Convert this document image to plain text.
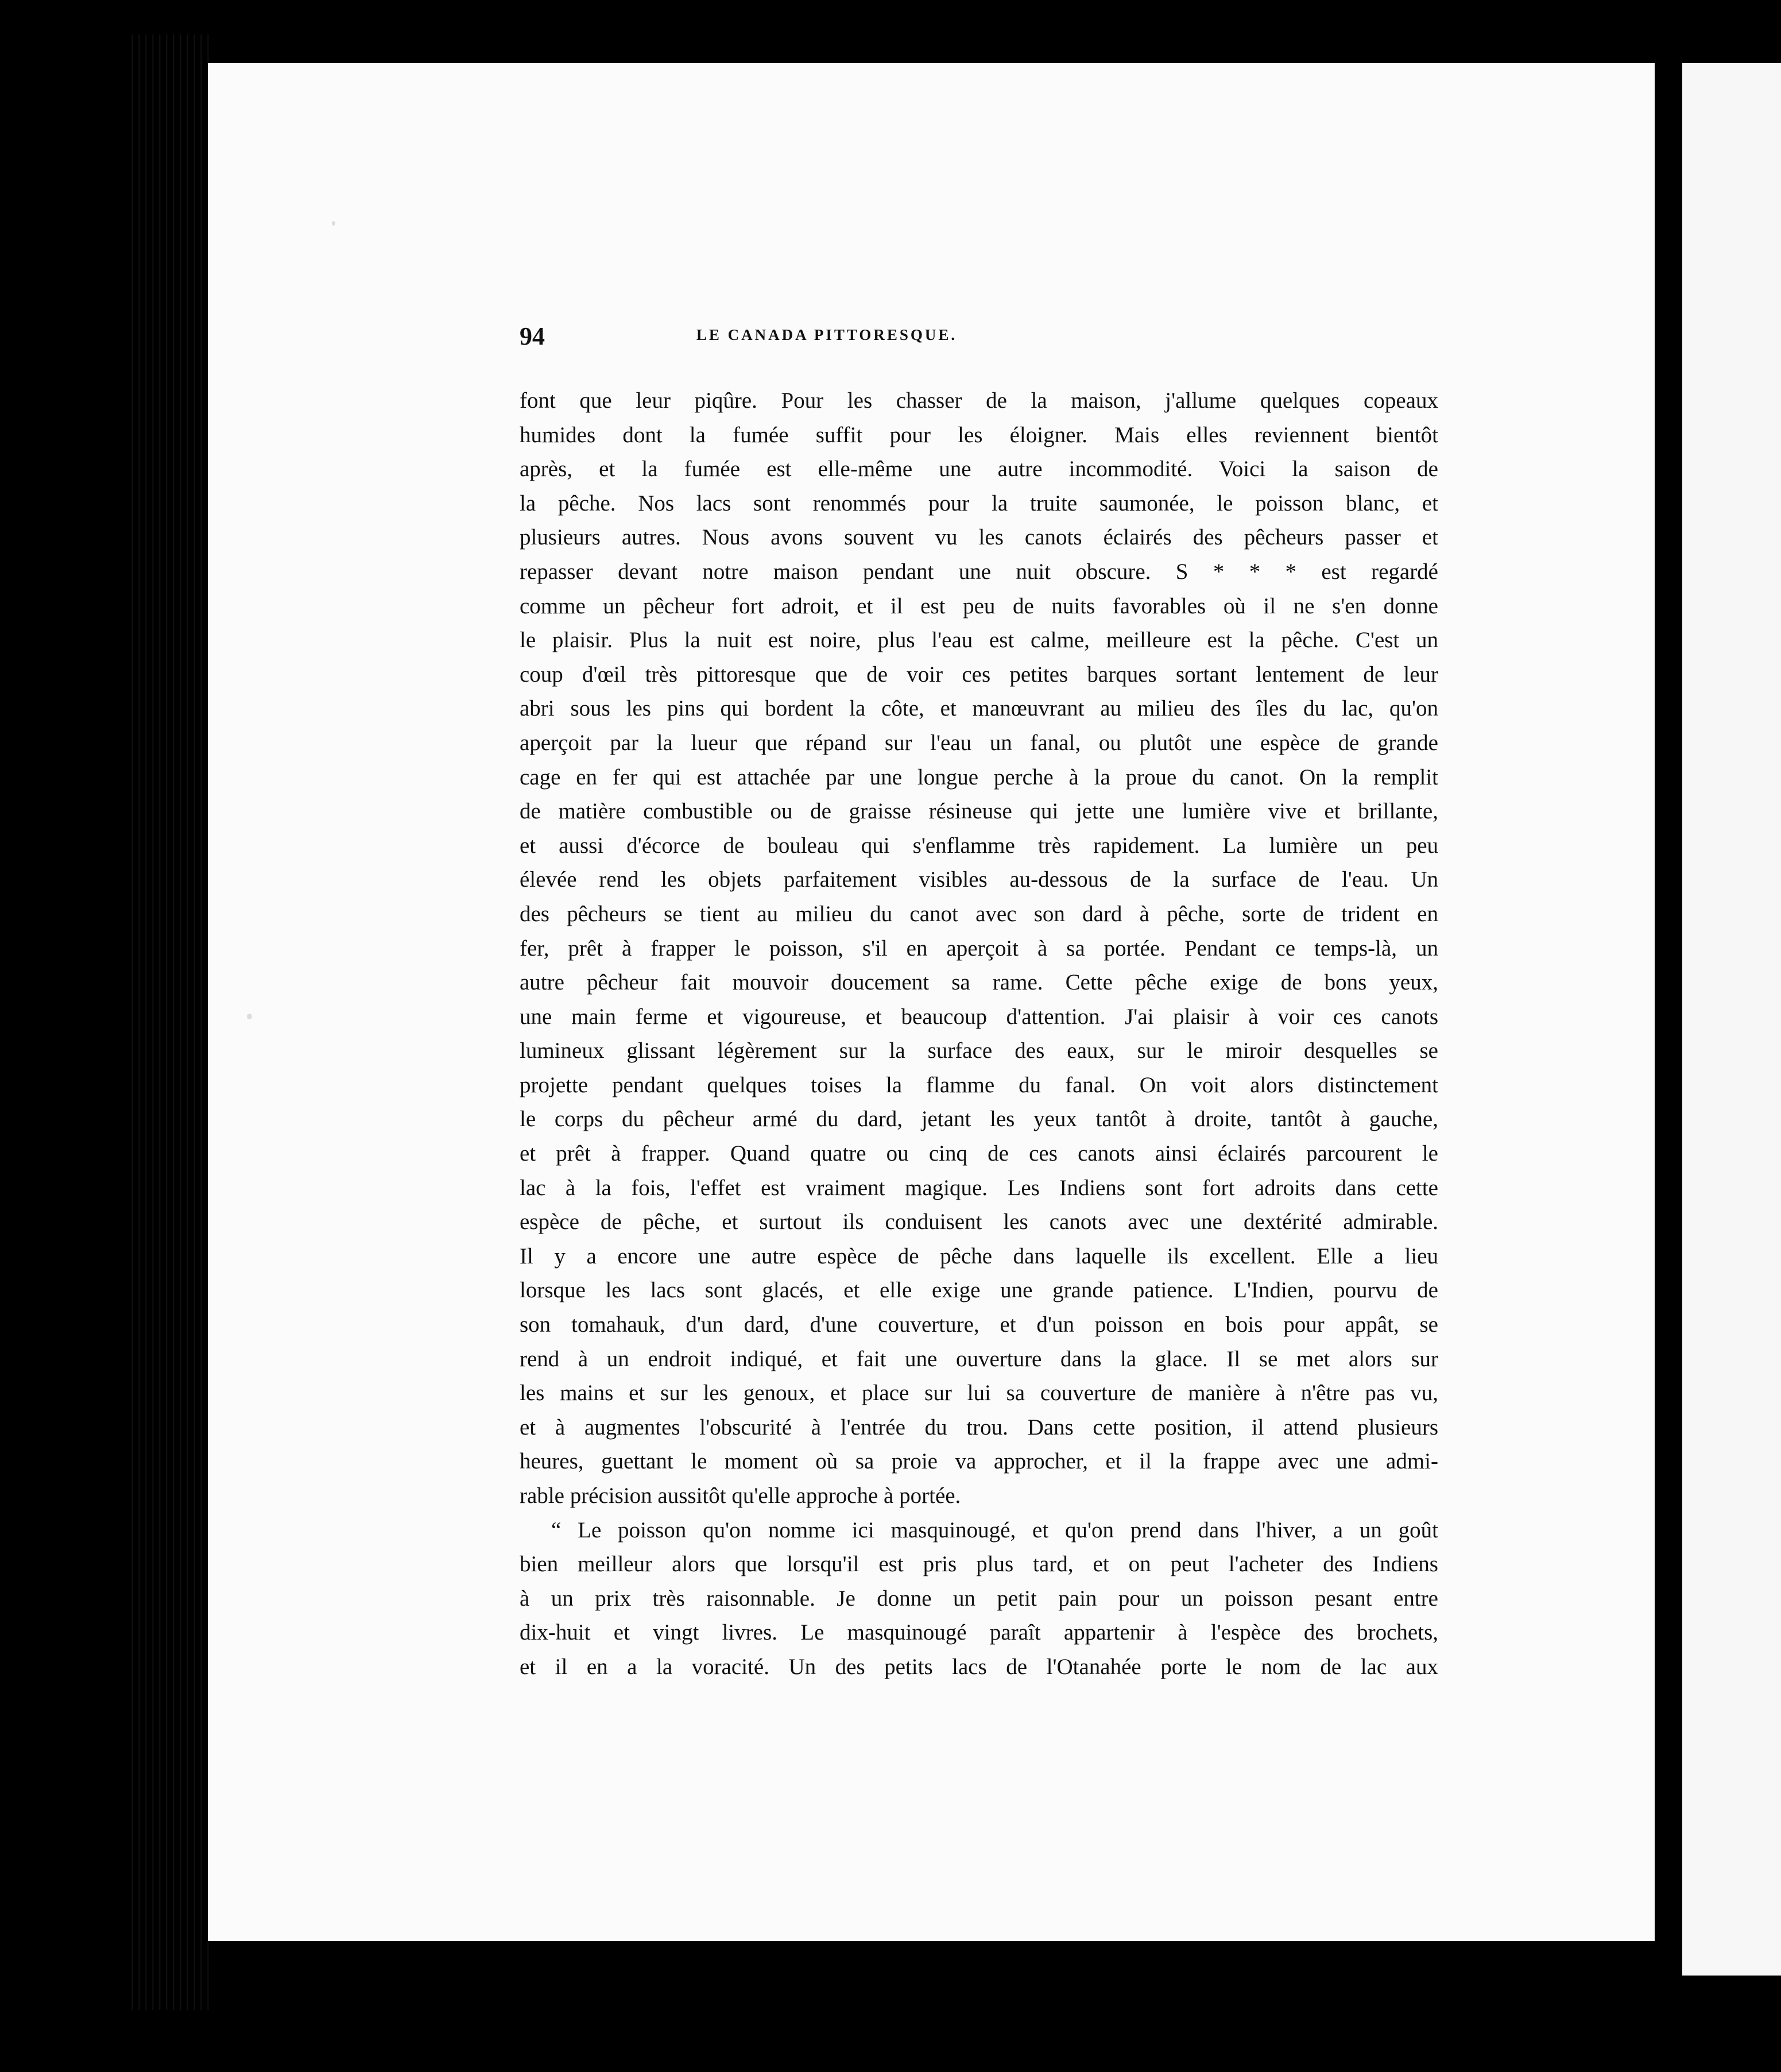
94	LE CANADA PITTORESQUE.

font que leur piqûre. Pour les chasser de la maison, j'allume quelques copeaux

humides dont la fumée suffit pour les éloigner. Mais elles reviennent bientôt

après, et la fumée est elle-même une autre incommodité. Voici la saison de

la pêche. Nos lacs sont renommés pour la truite saumonée, le poisson blanc, et

plusieurs autres. Nous avons souvent vu les canots éclairés des pêcheurs passer et

repasser devant notre maison pendant une nuit obscure. S * * * est regardé

comme un pêcheur fort adroit, et il est peu de nuits favorables où il ne s'en donne

le plaisir. Plus la nuit est noire, plus l'eau est calme, meilleure est la pêche. C'est un

coup d'œil très pittoresque que de voir ces petites barques sortant lentement de leur

abri sous les pins qui bordent la côte, et manœuvrant au milieu des îles du lac, qu'on

aperçoit par la lueur que répand sur l'eau un fanal, ou plutôt une espèce de grande

cage en fer qui est attachée par une longue perche à la proue du canot. On la remplit

de matière combustible ou de graisse résineuse qui jette une lumière vive et brillante,

et aussi d'écorce de bouleau qui s'enflamme très rapidement. La lumière un peu

élevée rend les objets parfaitement visibles au-dessous de la surface de l'eau. Un

des pêcheurs se tient au milieu du canot avec son dard à pêche, sorte de trident en

fer, prêt à frapper le poisson, s'il en aperçoit à sa portée. Pendant ce temps-là, un

autre pêcheur fait mouvoir doucement sa rame. Cette pêche exige de bons yeux,

une main ferme et vigoureuse, et beaucoup d'attention. J'ai plaisir à voir ces canots

lumineux glissant légèrement sur la surface des eaux, sur le miroir desquelles se

projette pendant quelques toises la flamme du fanal. On voit alors distinctement

le corps du pêcheur armé du dard, jetant les yeux tantôt à droite, tantôt à gauche,

et prêt à frapper. Quand quatre ou cinq de ces canots ainsi éclairés parcourent le

lac à la fois, l'effet est vraiment magique. Les Indiens sont fort adroits dans cette

espèce de pêche, et surtout ils conduisent les canots avec une dextérité admirable.

Il y a encore une autre espèce de pêche dans laquelle ils excellent. Elle a lieu

lorsque les lacs sont glacés, et elle exige une grande patience. L'Indien, pourvu de

son tomahauk, d'un dard, d'une couverture, et d'un poisson en bois pour appât, se

rend à un endroit indiqué, et fait une ouverture dans la glace. Il se met alors sur

les mains et sur les genoux, et place sur lui sa couverture de manière à n'être pas vu,

et à augmentes l'obscurité à l'entrée du trou. Dans cette position, il attend plusieurs

heures, guettant le moment où sa proie va approcher, et il la frappe avec une admi-

rable précision aussitôt qu'elle approche à portée.

“ Le poisson qu'on nomme ici masquinougé, et qu'on prend dans l'hiver, a un goût

bien meilleur alors que lorsqu'il est pris plus tard, et on peut l'acheter des Indiens

à un prix très raisonnable. Je donne un petit pain pour un poisson pesant entre

dix-huit et vingt livres. Le masquinougé paraît appartenir à l'espèce des brochets,

et il en a la voracité. Un des petits lacs de l'Otanahée porte le nom de lac aux
